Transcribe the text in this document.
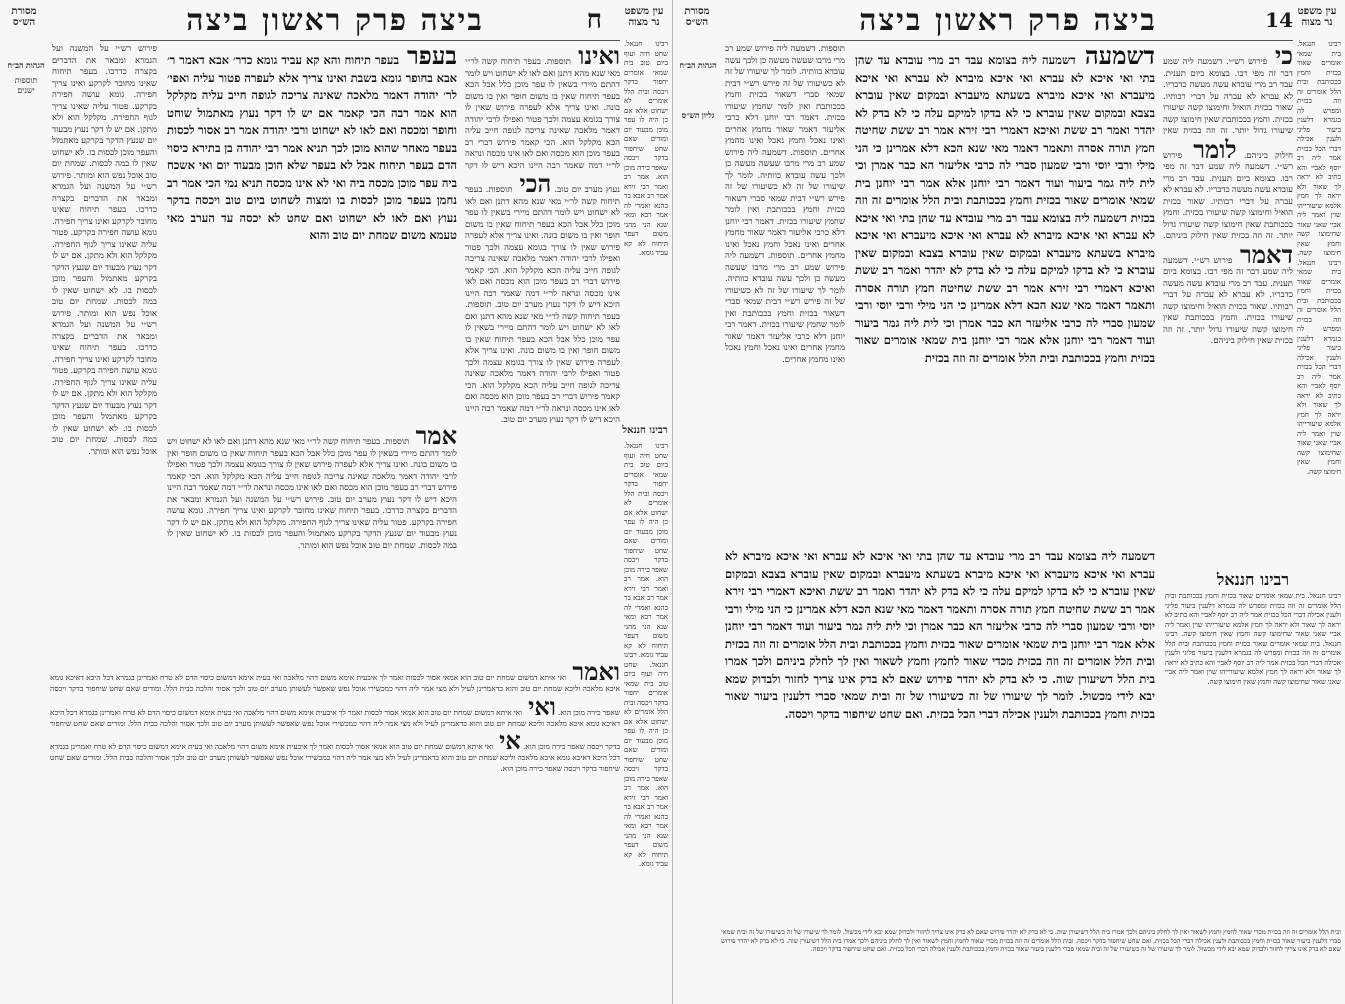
עין משפט
נר מצוה
מסורת
הש״ס	ביצה פרק ראשון ביצה	ח
ואינו תוספות. בעפר תיחוח קשה לר״י מאי שנא מהא דתנן ואם לאו לא ישחוט ויש לומר דהתם מיירי בשאין לו עפר מוכן כלל אבל הכא בעפר תיחוח שאין בו משום חופר ואין בו משום בונה. ואינו צריך אלא לעפרה פירוש שאין לו צורך בגומא עצמה ולכך פטור ואפילו לרבי יהודה דאמר מלאכה שאינה צריכה לגופה חייב עליה הכא מקלקל הוא. הכי קאמר פירוש דברי רב בעפר מוכן הוא מכסה ואם לאו אינו מכסה ונראה לר״י דמה שאמר רבה היינו היכא דיש לו דקר נעוץ מערב יום טוב. הכי תוספות. בעפר תיחוח קשה לר״י מאי שנא מהא דתנן ואם לאו לא ישחוט ויש לומר דהתם מיירי בשאין לו עפר מוכן כלל אבל הכא בעפר תיחוח שאין בו משום חופר ואין בו משום בונה. ואינו צריך אלא לעפרה פירוש שאין לו צורך בגומא עצמה ולכך פטור ואפילו לרבי יהודה דאמר מלאכה שאינה צריכה לגופה חייב עליה הכא מקלקל הוא. הכי קאמר פירוש דברי רב בעפר מוכן הוא מכסה ואם לאו אינו מכסה ונראה לר״י דמה שאמר רבה היינו היכא דיש לו דקר נעוץ מערב יום טוב. תוספות. בעפר תיחוח קשה לר״י מאי שנא מהא דתנן ואם לאו לא ישחוט ויש לומר דהתם מיירי בשאין לו עפר מוכן כלל אבל הכא בעפר תיחוח שאין בו משום חופר ואין בו משום בונה. ואינו צריך אלא לעפרה פירוש שאין לו צורך בגומא עצמה ולכך פטור ואפילו לרבי יהודה דאמר מלאכה שאינה צריכה לגופה חייב עליה הכא מקלקל הוא. הכי קאמר פירוש דברי רב בעפר מוכן הוא מכסה ואם לאו אינו מכסה ונראה לר״י דמה שאמר רבה היינו היכא דיש לו דקר נעוץ מערב יום טוב.
בעפר בעפר תיחוח והא קא עביד גומא כדר׳ אבא דאמר ר׳ אבא בחופר גומא בשבת ואינו צריך אלא לעפרה פטור עליה ואפי׳ לר׳ יהודה דאמר מלאכה שאינה צריכה לגופה חייב עליה מקלקל הוא אמר רבה הכי קאמר אם יש לו דקר נעוץ מאתמול שוחט וחופר ומכסה ואם לאו לא ישחוט ורבי יהודה אמר רב אסור לכסות בעפר מאחר שהוא מוכן לכך תניא אמר רבי יהודה בן בתירא כיסוי הדם בעפר תיחוח אבל לא בעפר שלא הוכן מבעוד יום ואי אשכח ביה עפר מוכן מכסה ביה ואי לא אינו מכסה תניא נמי הכי אמר רב נחמן בעפר מוכן לכסות בו ומצוה לשחוט ביום טוב ויכסה בדקר נעוץ ואם לאו לא ישחוט ואם שחט לא יכסה עד הערב מאי טעמא משום שמחת יום טוב והוא
פירוש רש״י על המשנה ועל הגמרא ומבאר את הדברים בקצרה כדרכו. בעפר תיחוח שאינו מחובר לקרקע ואינו צריך חפירה. גומא עושה חפירה בקרקע. פטור עליה שאינו צריך לגוף החפירה. מקלקל הוא ולא מתקן. אם יש לו דקר נעוץ מבעוד יום שנעץ הדקר בקרקע מאתמול והעפר מוכן לכסות בו. לא ישחוט שאין לו במה לכסות. שמחת יום טוב אוכל נפש הוא ומותר. פירוש רש״י על המשנה ועל הגמרא ומבאר את הדברים בקצרה כדרכו. בעפר תיחוח שאינו מחובר לקרקע ואינו צריך חפירה. גומא עושה חפירה בקרקע. פטור עליה שאינו צריך לגוף החפירה. מקלקל הוא ולא מתקן. אם יש לו דקר נעוץ מבעוד יום שנעץ הדקר בקרקע מאתמול והעפר מוכן לכסות בו. לא ישחוט שאין לו במה לכסות. שמחת יום טוב אוכל נפש הוא ומותר. פירוש רש״י על המשנה ועל הגמרא ומבאר את הדברים בקצרה כדרכו. בעפר תיחוח שאינו מחובר לקרקע ואינו צריך חפירה. גומא עושה חפירה בקרקע. פטור עליה שאינו צריך לגוף החפירה. מקלקל הוא ולא מתקן. אם יש לו דקר נעוץ מבעוד יום שנעץ הדקר בקרקע מאתמול והעפר מוכן לכסות בו. לא ישחוט שאין לו במה לכסות. שמחת יום טוב אוכל נפש הוא ומותר.
הגהות הב״ח
תוספות ישנים
אמר תוספות. בעפר תיחוח קשה לר״י מאי שנא מהא דתנן ואם לאו לא ישחוט ויש לומר דהתם מיירי בשאין לו עפר מוכן כלל אבל הכא בעפר תיחוח שאין בו משום חופר ואין בו משום בונה. ואינו צריך אלא לעפרה פירוש שאין לו צורך בגומא עצמה ולכך פטור ואפילו לרבי יהודה דאמר מלאכה שאינה צריכה לגופה חייב עליה הכא מקלקל הוא. הכי קאמר פירוש דברי רב בעפר מוכן הוא מכסה ואם לאו אינו מכסה ונראה לר״י דמה שאמר רבה היינו היכא דיש לו דקר נעוץ מערב יום טוב. פירוש רש״י על המשנה ועל הגמרא ומבאר את הדברים בקצרה כדרכו. בעפר תיחוח שאינו מחובר לקרקע ואינו צריך חפירה. גומא עושה חפירה בקרקע. פטור עליה שאינו צריך לגוף החפירה. מקלקל הוא ולא מתקן. אם יש לו דקר נעוץ מבעוד יום שנעץ הדקר בקרקע מאתמול והעפר מוכן לכסות בו. לא ישחוט שאין לו במה לכסות. שמחת יום טוב אוכל נפש הוא ומותר.
רבינו חננאל. שחט חיה ועוף ביום טוב בית שמאי אומרים יחפור בדקר ויכסה ובית הלל אומרים לא ישחוט אלא אם כן היה לו עפר מוכן מבעוד יום ומודים שאם שחט שיחפור בדקר ויכסה שאפר כירה מוכן הוא. אמר רב ואמר רבי זירא אמר רב אבא בר כהנא ואמרי לה אמר רבא ומאי שנא הני מהני משום דעפר תיחוח לא קא עביד גומא.
רבינו חננאל
רבינו חננאל. שחט חיה ועוף ביום טוב בית שמאי אומרים יחפור בדקר ויכסה ובית הלל אומרים לא ישחוט אלא אם כן היה לו עפר מוכן מבעוד יום ומודים שאם שחט שיחפור בדקר ויכסה שאפר כירה מוכן הוא. אמר רב ואמר רבי זירא אמר רב אבא בר כהנא ואמרי לה אמר רבא ומאי שנא הני מהני משום דעפר תיחוח לא קא עביד גומא. רבינו חננאל. שחט חיה ועוף ביום טוב בית שמאי אומרים יחפור בדקר ויכסה ובית הלל אומרים לא ישחוט אלא אם כן היה לו עפר מוכן מבעוד יום ומודים שאם שחט שיחפור בדקר ויכסה שאפר כירה מוכן הוא. אמר רב ואמר רבי זירא אמר רב אבא בר כהנא ואמרי לה אמר רבא ומאי שנא הני מהני משום דעפר תיחוח לא קא עביד גומא.
ואמר ואי איתא דמשום שמחת יום טוב הוא אמאי אסור לכסות ואמר לך איבעית אימא משום דהוי מלאכה ואי בעית אימא דמשום כיסוי הדם לא טרח ואמרינן בגמרא דכל היכא דאיכא גומא איכא מלאכה וליכא שמחת יום טוב והוא כדאמרינן לעיל ולא מצי אמר ליה דהוי כמכשירי אוכל נפש שאפשר לעשותן מערב יום טוב ולכך אסור והלכה כבית הלל. ומודים שאם שחט שיחפור בדקר ויכסה שאפר כירה מוכן הוא. ואי ואי איתא דמשום שמחת יום טוב הוא אמאי אסור לכסות ואמר לך איבעית אימא משום דהוי מלאכה ואי בעית אימא דמשום כיסוי הדם לא טרח ואמרינן בגמרא דכל היכא דאיכא גומא איכא מלאכה וליכא שמחת יום טוב והוא כדאמרינן לעיל ולא מצי אמר ליה דהוי כמכשירי אוכל נפש שאפשר לעשותן מערב יום טוב ולכך אסור והלכה כבית הלל. ומודים שאם שחט שיחפור בדקר ויכסה שאפר כירה מוכן הוא. אי ואי איתא דמשום שמחת יום טוב הוא אמאי אסור לכסות ואמר לך איבעית אימא משום דהוי מלאכה ואי בעית אימא דמשום כיסוי הדם לא טרח ואמרינן בגמרא דכל היכא דאיכא גומא איכא מלאכה וליכא שמחת יום טוב והוא כדאמרינן לעיל ולא מצי אמר ליה דהוי כמכשירי אוכל נפש שאפשר לעשותן מערב יום טוב ולכך אסור והלכה כבית הלל. ומודים שאם שחט שיחפור בדקר ויכסה שאפר כירה מוכן הוא.
עין משפט
נר מצוה
מסורת
הש״ס	ביצה פרק ראשון ביצה	14
כי פירוש רש״י. דשמעה ליה שמע דבר זה מפי רבו. בצומא ביום תענית. עבד רב מרי עובדא עשה מעשה כדבריו. לא עברא לא עברה על דברי רבותיו. שאור בכזית הואיל וחימוצו קשה שיעורו בכזית. וחמץ בככותבת שאין חימוצו קשה שיעורו גדול יותר. זה וזה בכזית שאין חילוק ביניהם. לומר פירוש רש״י. דשמעה ליה שמע דבר זה מפי רבו. בצומא ביום תענית. עבד רב מרי עובדא עשה מעשה כדבריו. לא עברא לא עברה על דברי רבותיו. שאור בכזית הואיל וחימוצו קשה שיעורו בכזית. וחמץ בככותבת שאין חימוצו קשה שיעורו גדול יותר. זה וזה בכזית שאין חילוק ביניהם. דאמר פירוש רש״י. דשמעה ליה שמע דבר זה מפי רבו. בצומא ביום תענית. עבד רב מרי עובדא עשה מעשה כדבריו. לא עברא לא עברה על דברי רבותיו. שאור בכזית הואיל וחימוצו קשה שיעורו בכזית. וחמץ בככותבת שאין חימוצו קשה שיעורו גדול יותר. זה וזה בכזית שאין חילוק ביניהם.
דשמעה דשמעה ליה בצומא עבד רב מרי עובדא עד שהן בתי ואי איכא לא עברא ואי איכא מיברא לא עברא ואי איכא מיעברא ואי איכא מיברא בשעתא מיעברא ובמקום שאין עוברא בצבא ובמקום שאין עוברא כי לא בדקו למיקם עלה כי לא בדק לא יהדר ואמר רב ששת ואיכא דאמרי רבי זירא אמר רב ששת שחיטה חמץ תורה אסרה ותאמר דאמר מאי שנא הכא דלא אמרינן כי הני מילי ורבי יוסי ורבי שמעון סברי לה כרבי אליעזר הא כבר אמרן וכי לית ליה גמר ביעור ועוד דאמר רבי יוחנן אלא אמר רבי יוחנן בית שמאי אומרים שאור בכזית וחמץ בככותבת ובית הלל אומרים זה וזה בכזית דשמעה ליה בצומא עבד רב מרי עובדא עד שהן בתי ואי איכא לא עברא ואי איכא מיברא לא עברא ואי איכא מיעברא ואי איכא מיברא בשעתא מיעברא ובמקום שאין עוברא בצבא ובמקום שאין עוברא כי לא בדקו למיקם עלה כי לא בדק לא יהדר ואמר רב ששת ואיכא דאמרי רבי זירא אמר רב ששת שחיטה חמץ תורה אסרה ותאמר דאמר מאי שנא הכא דלא אמרינן כי הני מילי ורבי יוסי ורבי שמעון סברי לה כרבי אליעזר הא כבר אמרן וכי לית ליה גמר ביעור ועוד דאמר רבי יוחנן אלא אמר רבי יוחנן בית שמאי אומרים שאור בכזית וחמץ בככותבת ובית הלל אומרים זה וזה בכזית
תוספות. דשמעה ליה פירוש שמע רב מרי מרבו שעשה מעשה כן ולכך עשה עובדא כוותיה. לומר לך שיעורו של זה לא כשיעורו של זה פירש רש״י דבית שמאי סברי דשאור בכזית וחמץ בככותבת ואין לומר שחמץ שיעורו בכזית. דאמר רבי יוחנן דלא כרבי אליעזר דאמר שאור מחמץ אחרים ואינו נאכל וחמץ נאכל ואינו מחמץ אחרים. תוספות. דשמעה ליה פירוש שמע רב מרי מרבו שעשה מעשה כן ולכך עשה עובדא כוותיה. לומר לך שיעורו של זה לא כשיעורו של זה פירש רש״י דבית שמאי סברי דשאור בכזית וחמץ בככותבת ואין לומר שחמץ שיעורו בכזית. דאמר רבי יוחנן דלא כרבי אליעזר דאמר שאור מחמץ אחרים ואינו נאכל וחמץ נאכל ואינו מחמץ אחרים. תוספות. דשמעה ליה פירוש שמע רב מרי מרבו שעשה מעשה כן ולכך עשה עובדא כוותיה. לומר לך שיעורו של זה לא כשיעורו של זה פירש רש״י דבית שמאי סברי דשאור בכזית וחמץ בככותבת ואין לומר שחמץ שיעורו בכזית. דאמר רבי יוחנן דלא כרבי אליעזר דאמר שאור מחמץ אחרים ואינו נאכל וחמץ נאכל ואינו מחמץ אחרים.
הגהות הב״ח
גליון הש״ס
דשמעה ליה בצומא עבד רב מרי עובדא עד שהן בתי ואי איכא לא עברא ואי איכא מיברא לא עברא ואי איכא מיעברא ואי איכא מיברא בשעתא מיעברא ובמקום שאין עוברא בצבא ובמקום שאין עוברא כי לא בדקו למיקם עלה כי לא בדק לא יהדר ואמר רב ששת ואיכא דאמרי רבי זירא אמר רב ששת שחיטה חמץ תורה אסרה ותאמר דאמר מאי שנא הכא דלא אמרינן כי הני מילי ורבי יוסי ורבי שמעון סברי לה כרבי אליעזר הא כבר אמרן וכי לית ליה גמר ביעור ועוד דאמר רבי יוחנן אלא אמר רבי יוחנן בית שמאי אומרים שאור בכזית וחמץ בככותבת ובית הלל אומרים זה וזה בכזית ובית הלל אומרים זה וזה בכזית מכדי שאור לחמץ וחמץ לשאור ואין לך לחלק ביניהם ולכך אמרו בית הלל דשיעורן שוה. כי לא בדק לא יהדר פירוש שאם לא בדק אינו צריך לחזור ולבדוק שמא יבא לידי מכשול. לומר לך שיעורו של זה כשיעורו של זה ובית שמאי סברי דלענין ביעור שאור בכזית וחמץ בככותבת ולענין אכילה דברי הכל בכזית. ואם שחט שיחפור בדקר ויכסה.
רבינו חננאל. בית שמאי אומרים שאור בכזית וחמץ בככותבת ובית הלל אומרים זה וזה בכזית ומפרש לה בגמרא דלענין ביעור פליגי ולענין אכילה דברי הכל בכזית אמר ליה רב יוסף לאביי והא כתיב לא יראה לך שאור ולא יראה לך חמץ אלמא שיעורייהו שוין ואמר ליה אביי שאני שאור שחימוצו קשה וחמץ שאין חימוצו קשה. רבינו חננאל. בית שמאי אומרים שאור בכזית וחמץ בככותבת ובית הלל אומרים זה וזה בכזית ומפרש לה בגמרא דלענין ביעור פליגי ולענין אכילה דברי הכל בכזית אמר ליה רב יוסף לאביי והא כתיב לא יראה לך שאור ולא יראה לך חמץ אלמא שיעורייהו שוין ואמר ליה אביי שאני שאור שחימוצו קשה וחמץ שאין חימוצו קשה.
רבינו חננאל
רבינו חננאל. בית שמאי אומרים שאור בכזית וחמץ בככותבת ובית הלל אומרים זה וזה בכזית ומפרש לה בגמרא דלענין ביעור פליגי ולענין אכילה דברי הכל בכזית אמר ליה רב יוסף לאביי והא כתיב לא יראה לך שאור ולא יראה לך חמץ אלמא שיעורייהו שוין ואמר ליה אביי שאני שאור שחימוצו קשה וחמץ שאין חימוצו קשה. רבינו חננאל. בית שמאי אומרים שאור בכזית וחמץ בככותבת ובית הלל אומרים זה וזה בכזית ומפרש לה בגמרא דלענין ביעור פליגי ולענין אכילה דברי הכל בכזית אמר ליה רב יוסף לאביי והא כתיב לא יראה לך שאור ולא יראה לך חמץ אלמא שיעורייהו שוין ואמר ליה אביי שאני שאור שחימוצו קשה וחמץ שאין חימוצו קשה.
ובית הלל אומרים זה וזה בכזית מכדי שאור לחמץ וחמץ לשאור ואין לך לחלק ביניהם ולכך אמרו בית הלל דשיעורן שוה. כי לא בדק לא יהדר פירוש שאם לא בדק אינו צריך לחזור ולבדוק שמא יבא לידי מכשול. לומר לך שיעורו של זה כשיעורו של זה ובית שמאי סברי דלענין ביעור שאור בכזית וחמץ בככותבת ולענין אכילה דברי הכל בכזית. ואם שחט שיחפור בדקר ויכסה. ובית הלל אומרים זה וזה בכזית מכדי שאור לחמץ וחמץ לשאור ואין לך לחלק ביניהם ולכך אמרו בית הלל דשיעורן שוה. כי לא בדק לא יהדר פירוש שאם לא בדק אינו צריך לחזור ולבדוק שמא יבא לידי מכשול. לומר לך שיעורו של זה כשיעורו של זה ובית שמאי סברי דלענין ביעור שאור בכזית וחמץ בככותבת ולענין אכילה דברי הכל בכזית. ואם שחט שיחפור בדקר ויכסה.
